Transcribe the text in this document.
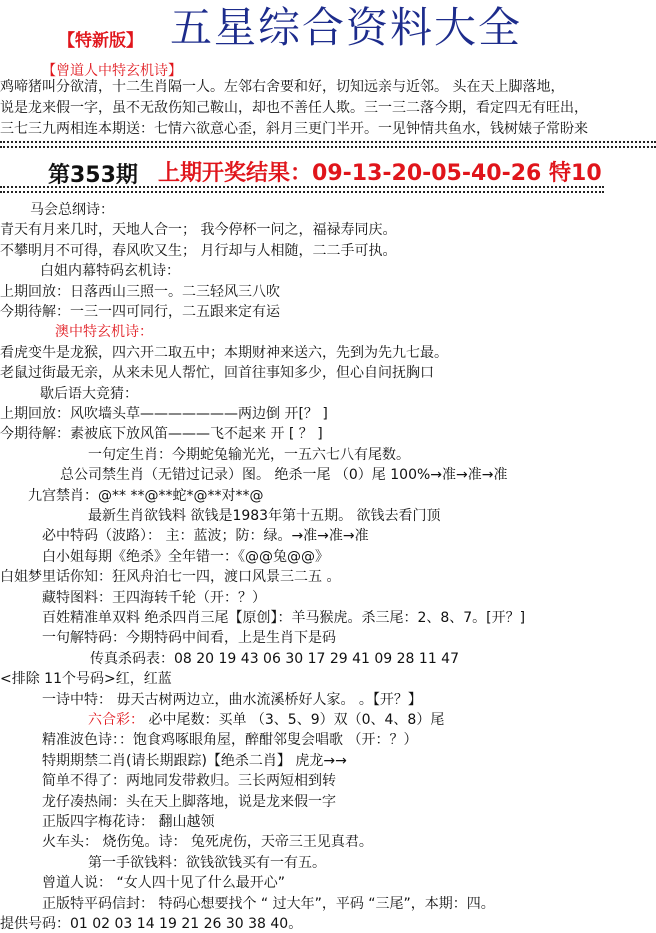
【特新版】 五星综合资料大全
【曾道人中特玄机诗】
鸡啼猪叫分欲清，十二生肖隔一人。左邻右舍要和好，切知远亲与近邻。 头在天上脚落地，
说是龙来假一字，虽不无敌伤知己鞍山，却也不善任人欺。三一三二落今期，看定四无有旺出，
三七三九两相连本期送：七情六欲意心歪，斜月三更门半开。一见钟情共鱼水，钱树婊子常盼来
第353期 上期开奖结果：09-13-20-05-40-26 特10
马会总纲诗：
青天有月来几时，天地人合一； 我今停杯一问之，福禄寿同庆。
不攀明月不可得，春风吹又生； 月行却与人相随，二二手可执。
白姐内幕特码玄机诗：
上期回放：日落西山三照一。二三轻风三八吹
今期待解：一三一四可同行，二五跟来定有运
澳中特玄机诗：
看虎变牛是龙猴，四六开二取五中；本期财神来送六，先到为先九七最。
老鼠过街最无亲，从来未见人帮忙，回首往事知多少，但心自问抚胸口
歇后语大竞猜：
上期回放：风吹墙头草———————两边倒 开[？ ]
今期待解：素被底下放风笛———飞不起来 开 [ ？ ]
一句定生肖：今期蛇兔输光光，一五六七八有尾数。
总公司禁生肖（无错过记录）图。 绝杀一尾 （0）尾 100%→准→准→准
九宫禁肖：@** **@**蛇*@**对**@
最新生肖欲钱料 欲钱是1983年第十五期。 欲钱去看门顶
必中特码（波路）： 主：蓝波；防：绿。→准→准→准
白小姐每期《绝杀》全年错一：《@@兔@@》
白姐梦里话你知：狂风舟泊七一四，渡口风景三二五 。
藏特图料：王四海转千轮（开：？）
百姓精准单双料 绝杀四肖三尾【原创】：羊马猴虎。杀三尾：2、8、7。[开？]
一句解特码：今期特码中间看，上是生肖下是码
传真杀码表：08 20 19 43 06 30 17 29 41 09 28 11 47
<排除 11个号码>红，红蓝
一诗中特： 毋天古树两边立，曲水流溪桥好人家。 。【开？】
六合彩： 必中尾数：买单 （3、5、9）双（0、4、8）尾
精准波色诗：：饱食鸡啄眼角屋，醉酣邻叟会唱歌 （开：？）
特期期禁二肖(请长期跟踪)【绝杀二肖】 虎龙→→
简单不得了：两地同发带救归。三长两短相到转
龙仔凑热闹：头在天上脚落地，说是龙来假一字
正版四字梅花诗： 翻山越领
火车头： 烧伤兔。诗： 兔死虎伤，天帝三王见真君。
第一手欲钱料：欲钱欲钱买有一有五。
曾道人说： “女人四十见了什么最开心”
正版特平码信封： 特码心想要找个 “ 过大年”，平码 “三尾”，本期：四。
提供号码：01 02 03 14 19 21 26 30 38 40。
